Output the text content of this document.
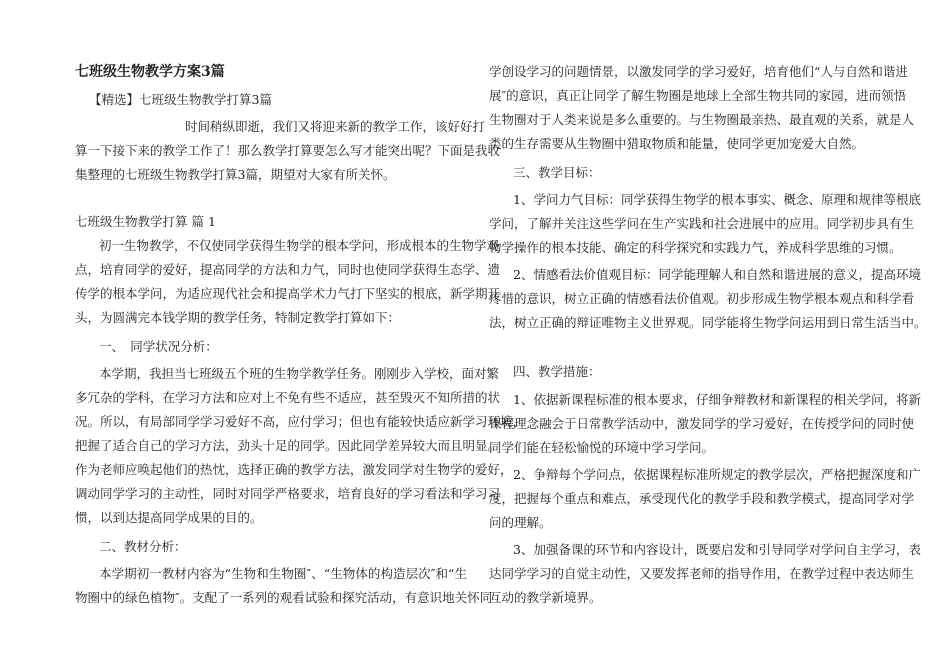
七班级生物教学方案3篇
【精选】七班级生物教学打算3篇
时间稍纵即逝，我们又将迎来新的教学工作，该好好打
算一下接下来的教学工作了！那么教学打算要怎么写才能突出呢？下面是我收
集整理的七班级生物教学打算3篇，期望对大家有所关怀。
七班级生物教学打算 篇 1
初一生物教学，不仅使同学获得生物学的根本学问，形成根本的生物学观
点，培育同学的爱好，提高同学的方法和力气，同时也使同学获得生态学、遗
传学的根本学问，为适应现代社会和提高学术力气打下坚实的根底，新学期开
头，为圆满完本钱学期的教学任务，特制定教学打算如下：
一、　同学状况分析：
本学期，我担当七班级五个班的生物学教学任务。刚刚步入学校，面对繁
多冗杂的学科，在学习方法和应对上不免有些不适应，甚至毁灭不知所措的状
况。所以，有局部同学学习爱好不高，应付学习；但也有能较快适应新学习环境，
把握了适合自己的学习方法，劲头十足的同学。因此同学差异较大而且明显。
作为老师应唤起他们的热忱，选择正确的教学方法，激发同学对生物学的爱好，
调动同学学习的主动性，同时对同学严格要求，培育良好的学习看法和学习习
惯，以到达提高同学成果的目的。
二、教材分析：
本学期初一教材内容为“生物和生物圈″、“生物体的构造层次″和“生
物圈中的绿色植物″。支配了一系列的观看试验和探究活动，有意识地关怀同
学创设学习的问题情景，以激发同学的学习爱好，培育他们“人与自然和谐进
展″的意识，真正让同学了解生物圈是地球上全部生物共同的家园，进而领悟
生物圈对于人类来说是多么重要的。与生物圈最亲热、最直观的关系，就是人
类的生存需要从生物圈中猎取物质和能量，使同学更加宠爱大自然。
三、教学目标：
1、学问力气目标：同学获得生物学的根本事实、概念、原理和规律等根底
学问，了解并关注这些学问在生产实践和社会进展中的应用。同学初步具有生
物学操作的根本技能、确定的科学探究和实践力气，养成科学思维的习惯。
2、情感看法价值观目标：同学能理解人和自然和谐进展的意义，提高环境
疼惜的意识，树立正确的情感看法价值观。初步形成生物学根本观点和科学看
法，树立正确的辩证唯物主义世界观。同学能将生物学问运用到日常生活当中。
四、教学措施：
1、依据新课程标准的根本要求，仔细争辩教材和新课程的相关学问，将新
课程理念融会于日常教学活动中，激发同学的学习爱好，在传授学问的同时使
同学们能在轻松愉悦的环境中学习学问。
2、争辩每个学问点，依据课程标准所规定的教学层次，严格把握深度和广
度，把握每个重点和难点，承受现代化的教学手段和教学模式，提高同学对学
问的理解。
3、加强备课的环节和内容设计，既要启发和引导同学对学问自主学习，表
达同学学习的自觉主动性，又要发挥老师的指导作用，在教学过程中表达师生
互动的教学新境界。
